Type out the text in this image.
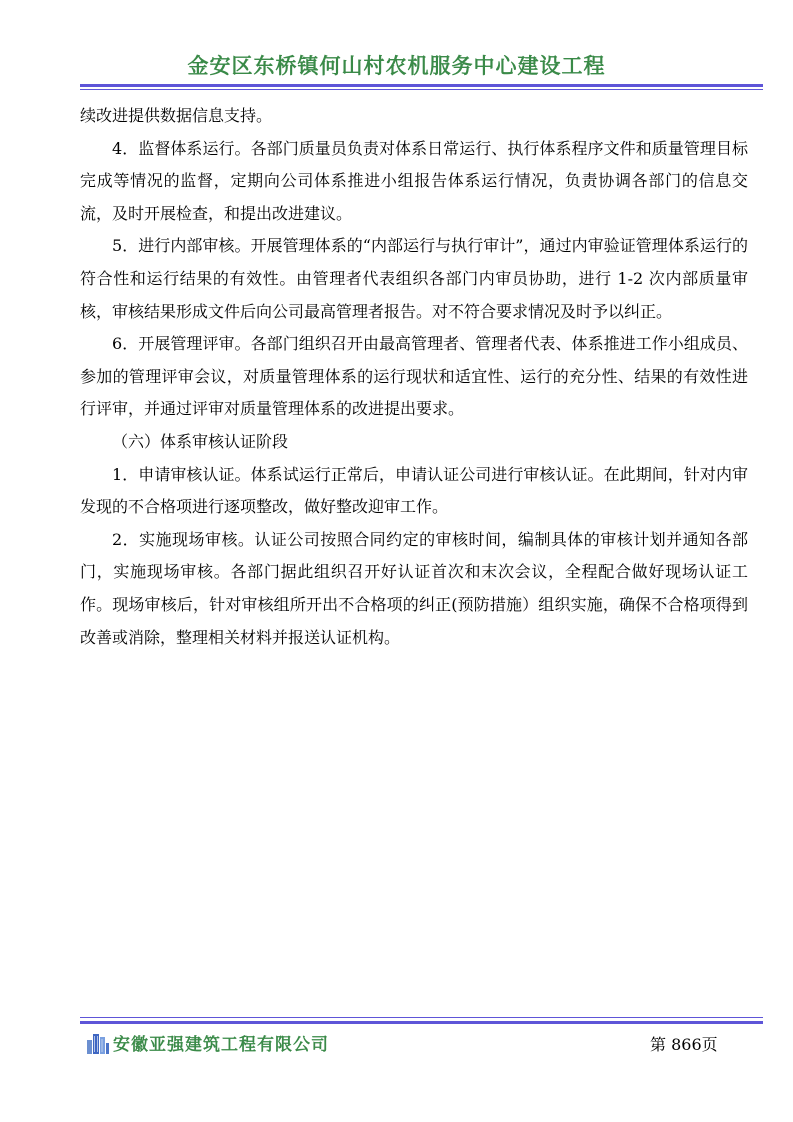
金安区东桥镇何山村农机服务中心建设工程

续改进提供数据信息支持。

4．监督体系运行。各部门质量员负责对体系日常运行、执行体系程序文件和质量管理目标完成等情况的监督，定期向公司体系推进小组报告体系运行情况，负责协调各部门的信息交流，及时开展检查，和提出改进建议。

5．进行内部审核。开展管理体系的“内部运行与执行审计”，通过内审验证管理体系运行的符合性和运行结果的有效性。由管理者代表组织各部门内审员协助，进行 1-2 次内部质量审核，审核结果形成文件后向公司最高管理者报告。对不符合要求情况及时予以纠正。

6．开展管理评审。各部门组织召开由最高管理者、管理者代表、体系推进工作小组成员、参加的管理评审会议，对质量管理体系的运行现状和适宜性、运行的充分性、结果的有效性进行评审，并通过评审对质量管理体系的改进提出要求。

（六）体系审核认证阶段

1．申请审核认证。体系试运行正常后，申请认证公司进行审核认证。在此期间，针对内审发现的不合格项进行逐项整改，做好整改迎审工作。

2．实施现场审核。认证公司按照合同约定的审核时间，编制具体的审核计划并通知各部门，实施现场审核。各部门据此组织召开好认证首次和末次会议，全程配合做好现场认证工作。现场审核后，针对审核组所开出不合格项的纠正(预防措施）组织实施，确保不合格项得到改善或消除，整理相关材料并报送认证机构。

安徽亚强建筑工程有限公司	第 866页
